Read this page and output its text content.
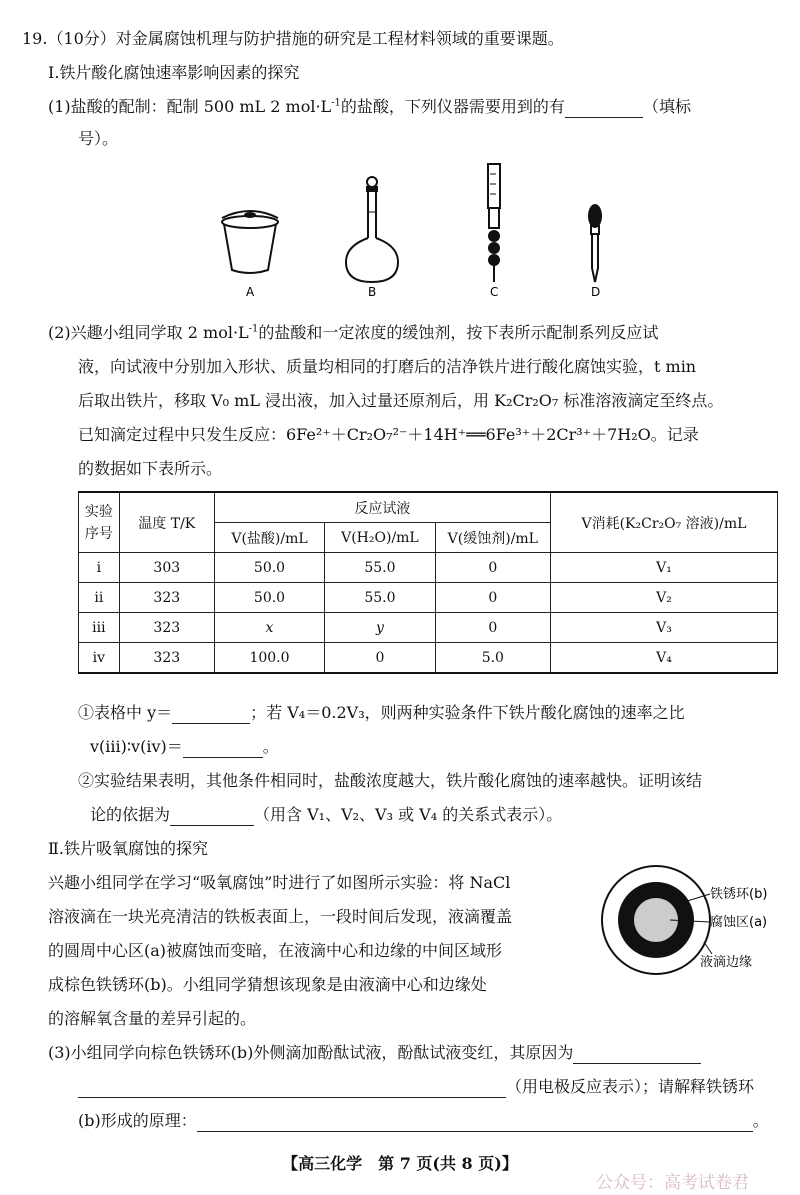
19.（10分）对金属腐蚀机理与防护措施的研究是工程材料领域的重要课题。
Ⅰ.铁片酸化腐蚀速率影响因素的探究
(1)盐酸的配制：配制 500 mL 2 $mol\cdot L^{-1}$的盐酸，下列仪器需要用到的有	（填标
号）。
A	B	C	D
(2)兴趣小组同学取 2 $mol\cdot L^{-1}$的盐酸和一定浓度的缓蚀剂，按下表所示配制系列反应试
液，向试液中分别加入形状、质量均相同的打磨后的洁净铁片进行酸化腐蚀实验，t min
后取出铁片，移取 V₀ mL 浸出液，加入过量还原剂后，用 K₂Cr₂O₇ 标准溶液滴定至终点。
已知滴定过程中只发生反应：6Fe²⁺＋Cr₂O₇²⁻＋14H⁺══6Fe³⁺＋2Cr³⁺＋7H₂O。记录
的数据如下表所示。
实验
序号	温度 T/K	反应试液			V消耗(K₂Cr₂O₇ 溶液)/mL
		V(盐酸)/mL	V(H₂O)/mL	V(缓蚀剂)/mL	
ⅰ	303	50.0	55.0	0	V₁
ⅱ	323	50.0	55.0	0	V₂
ⅲ	323	x	y	0	V₃
ⅳ	323	100.0	0	5.0	V₄
①表格中 y＝	；若 V₄＝0.2V₃，则两种实验条件下铁片酸化腐蚀的速率之比
v(ⅲ)∶v(ⅳ)＝	。
②实验结果表明，其他条件相同时，盐酸浓度越大，铁片酸化腐蚀的速率越快。证明该结
论的依据为	（用含 V₁、V₂、V₃ 或 V₄ 的关系式表示）。
Ⅱ.铁片吸氧腐蚀的探究
兴趣小组同学在学习“吸氧腐蚀”时进行了如图所示实验：将 NaCl
溶液滴在一块光亮清洁的铁板表面上，一段时间后发现，液滴覆盖
的圆周中心区(a)被腐蚀而变暗，在液滴中心和边缘的中间区域形
成棕色铁锈环(b)。小组同学猜想该现象是由液滴中心和边缘处
的溶解氧含量的差异引起的。
铁锈环(b)
腐蚀区(a)
液滴边缘
(3)小组同学向棕色铁锈环(b)外侧滴加酚酞试液，酚酞试液变红，其原因为
（用电极反应表示）；请解释铁锈环
(b)形成的原理：	。
【高三化学　第 7 页(共 8 页)】
公众号：高考试卷君
